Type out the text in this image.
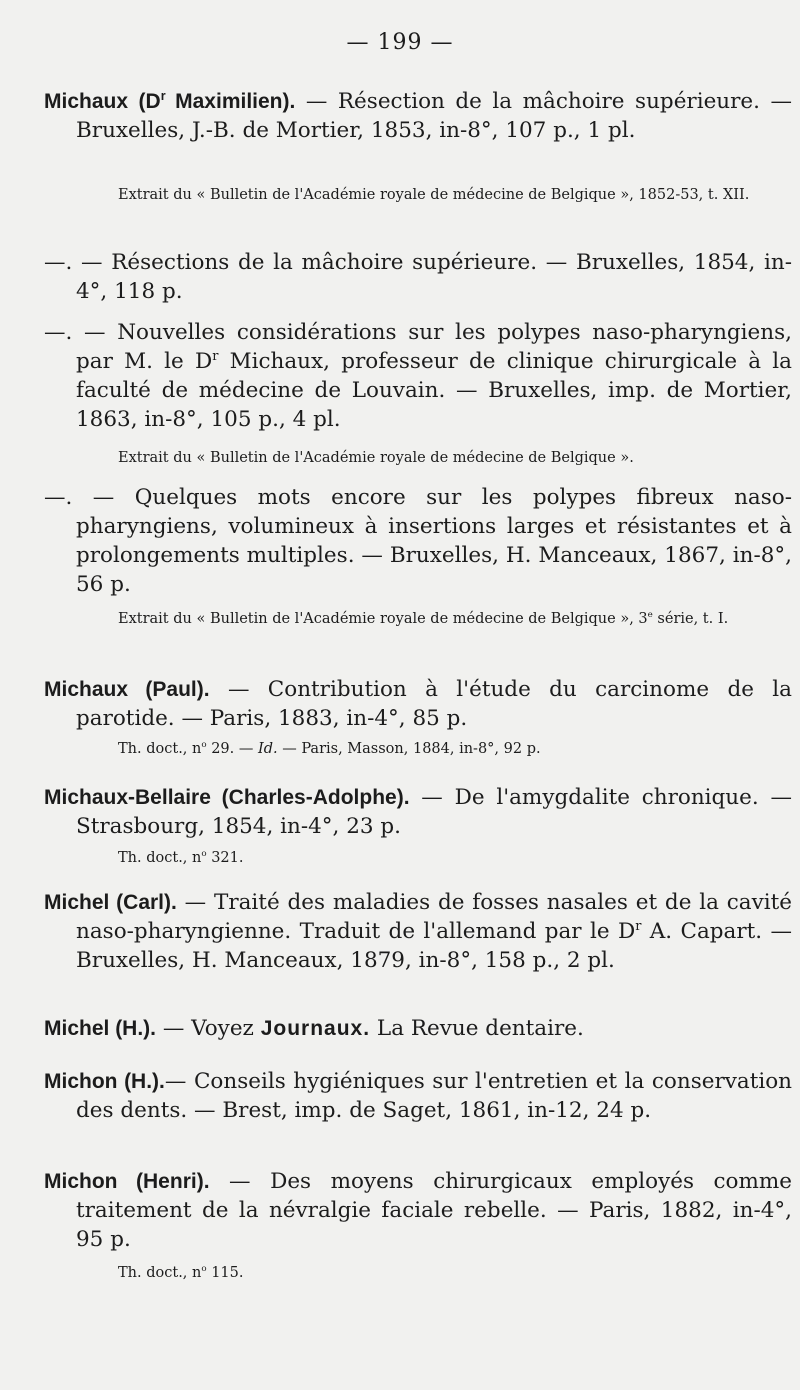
— 199 —
Michaux ($D^r$ Maximilien). — Résection de la mâchoire supérieure. — Bruxelles, J.-B. de Mortier, 1853, in-8°, 107 p., 1 pl.
Extrait du « Bulletin de l'Académie royale de médecine de Belgique », 1852-53, t. XII.
—. — Résections de la mâchoire supérieure. — Bruxelles, 1854, in-4°, 118 p.
—. — Nouvelles considérations sur les polypes naso-pharyngiens, par M. le $D^r$ Michaux, professeur de clinique chirurgicale à la faculté de médecine de Louvain. — Bruxelles, imp. de Mortier, 1863, in-8°, 105 p., 4 pl.
Extrait du « Bulletin de l'Académie royale de médecine de Belgique ».
—. — Quelques mots encore sur les polypes fibreux naso-pharyngiens, volumineux à insertions larges et résistantes et à prolongements multiples. — Bruxelles, H. Manceaux, 1867, in-8°, 56 p.
Extrait du « Bulletin de l'Académie royale de médecine de Belgique », 3e série, t. I.
Michaux (Paul). — Contribution à l'étude du carcinome de la parotide. — Paris, 1883, in-4°, 85 p.
Th. doct., $n^o$ 29. — Id. — Paris, Masson, 1884, in-8°, 92 p.
Michaux-Bellaire (Charles-Adolphe). — De l'amygdalite chronique. — Strasbourg, 1854, in-4°, 23 p.
Th. doct., $n^o$ 321.
Michel (Carl). — Traité des maladies de fosses nasales et de la cavité naso-pharyngienne. Traduit de l'allemand par le $D^r$ A. Capart. — Bruxelles, H. Manceaux, 1879, in-8°, 158 p., 2 pl.
Michel (H.). — Voyez Journaux. La Revue dentaire.
Michon (H.).— Conseils hygiéniques sur l'entretien et la conservation des dents. — Brest, imp. de Saget, 1861, in-12, 24 p.
Michon (Henri). — Des moyens chirurgicaux employés comme traitement de la névralgie faciale rebelle. — Paris, 1882, in-4°, 95 p.
Th. doct., $n^o$ 115.
